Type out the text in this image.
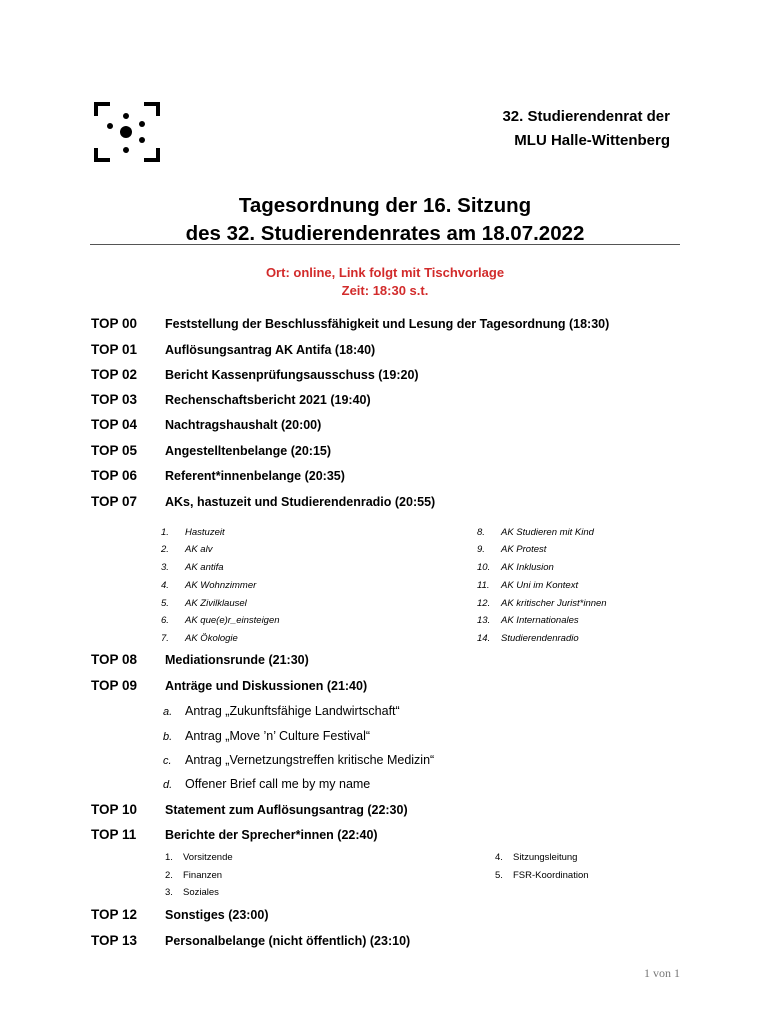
32. Studierendenrat der
MLU Halle-Wittenberg
Tagesordnung der 16. Sitzung
des 32. Studierendenrates am 18.07.2022
Ort: online, Link folgt mit Tischvorlage
Zeit: 18:30 s.t.
TOP 00 Feststellung der Beschlussfähigkeit und Lesung der Tagesordnung (18:30)
TOP 01 Auflösungsantrag AK Antifa (18:40)
TOP 02 Bericht Kassenprüfungsausschuss (19:20)
TOP 03 Rechenschaftsbericht 2021 (19:40)
TOP 04 Nachtragshaushalt (20:00)
TOP 05 Angestelltenbelange (20:15)
TOP 06 Referent*innenbelange (20:35)
TOP 07 AKs, hastuzeit und Studierendenradio (20:55)
1. Hastuzeit
2. AK alv
3. AK antifa
4. AK Wohnzimmer
5. AK Zivilklausel
6. AK que(e)r_einsteigen
7. AK Ökologie
8. AK Studieren mit Kind
9. AK Protest
10. AK Inklusion
11. AK Uni im Kontext
12. AK kritischer Jurist*innen
13. AK Internationales
14. Studierendenradio
TOP 08 Mediationsrunde (21:30)
TOP 09 Anträge und Diskussionen (21:40)
a. Antrag „Zukunftsfähige Landwirtschaft“
b. Antrag „Move ’n’ Culture Festival“
c. Antrag „Vernetzungstreffen kritische Medizin“
d. Offener Brief call me by my name
TOP 10 Statement zum Auflösungsantrag (22:30)
TOP 11 Berichte der Sprecher*innen (22:40)
1. Vorsitzende
2. Finanzen
3. Soziales
4. Sitzungsleitung
5. FSR-Koordination
TOP 12 Sonstiges (23:00)
TOP 13 Personalbelange (nicht öffentlich) (23:10)
1 von 1
